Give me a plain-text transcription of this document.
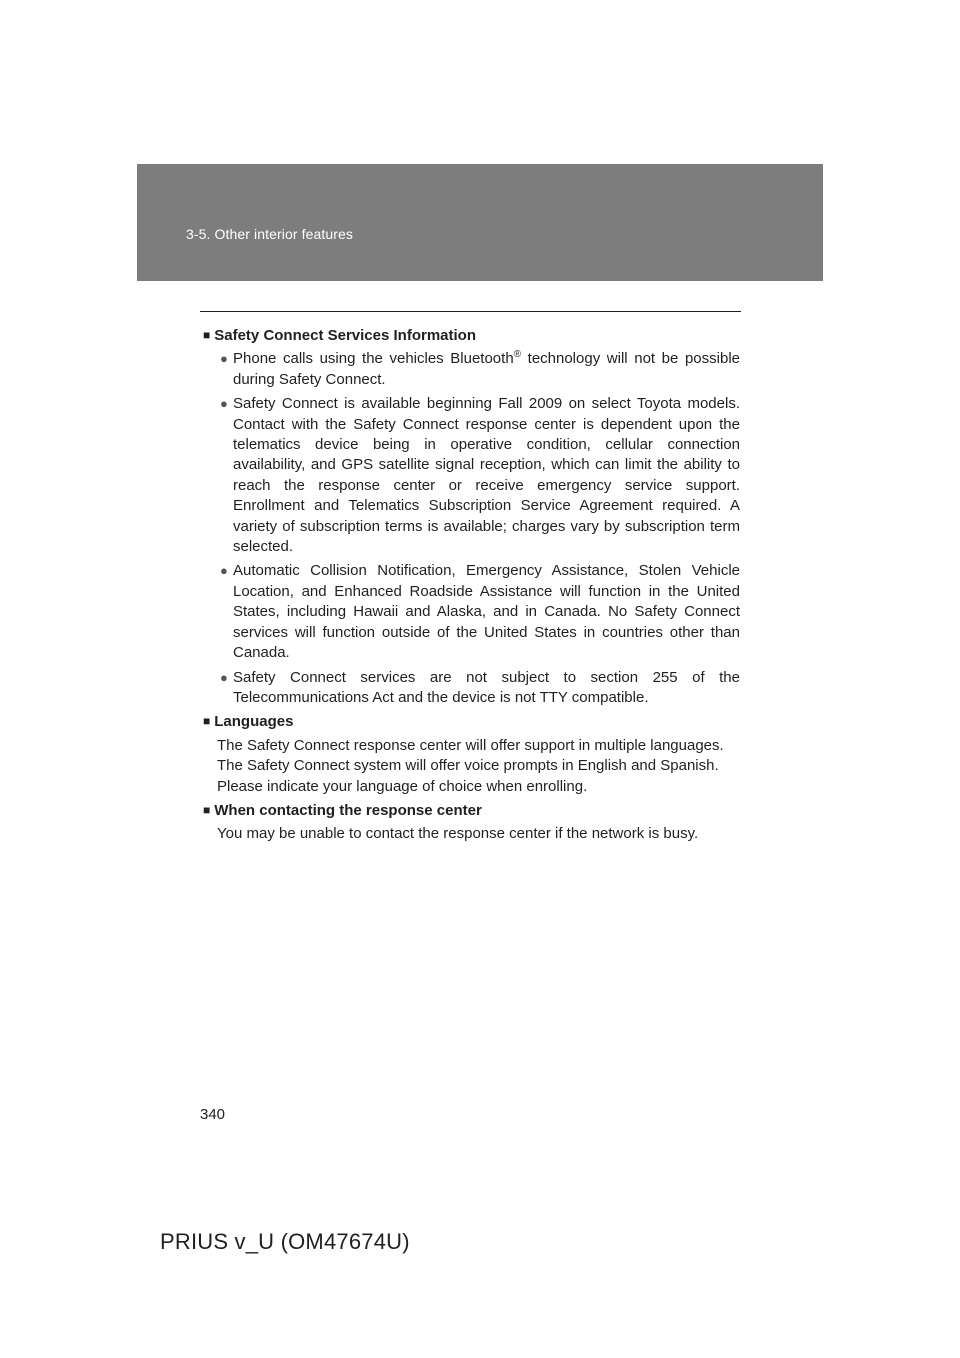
3-5. Other interior features
■ Safety Connect Services Information
● Phone calls using the vehicles Bluetooth® technology will not be possible during Safety Connect.
● Safety Connect is available beginning Fall 2009 on select Toyota models. Contact with the Safety Connect response center is dependent upon the telematics device being in operative condition, cellular connection availability, and GPS satellite signal reception, which can limit the ability to reach the response center or receive emergency service support. Enrollment and Telematics Subscription Service Agreement required. A variety of subscription terms is available; charges vary by subscription term selected.
● Automatic Collision Notification, Emergency Assistance, Stolen Vehicle Location, and Enhanced Roadside Assistance will function in the United States, including Hawaii and Alaska, and in Canada. No Safety Connect services will function outside of the United States in countries other than Canada.
● Safety Connect services are not subject to section 255 of the Telecommunications Act and the device is not TTY compatible.
■ Languages
The Safety Connect response center will offer support in multiple languages.
The Safety Connect system will offer voice prompts in English and Spanish.
Please indicate your language of choice when enrolling.
■ When contacting the response center
You may be unable to contact the response center if the network is busy.
340
PRIUS v_U (OM47674U)
